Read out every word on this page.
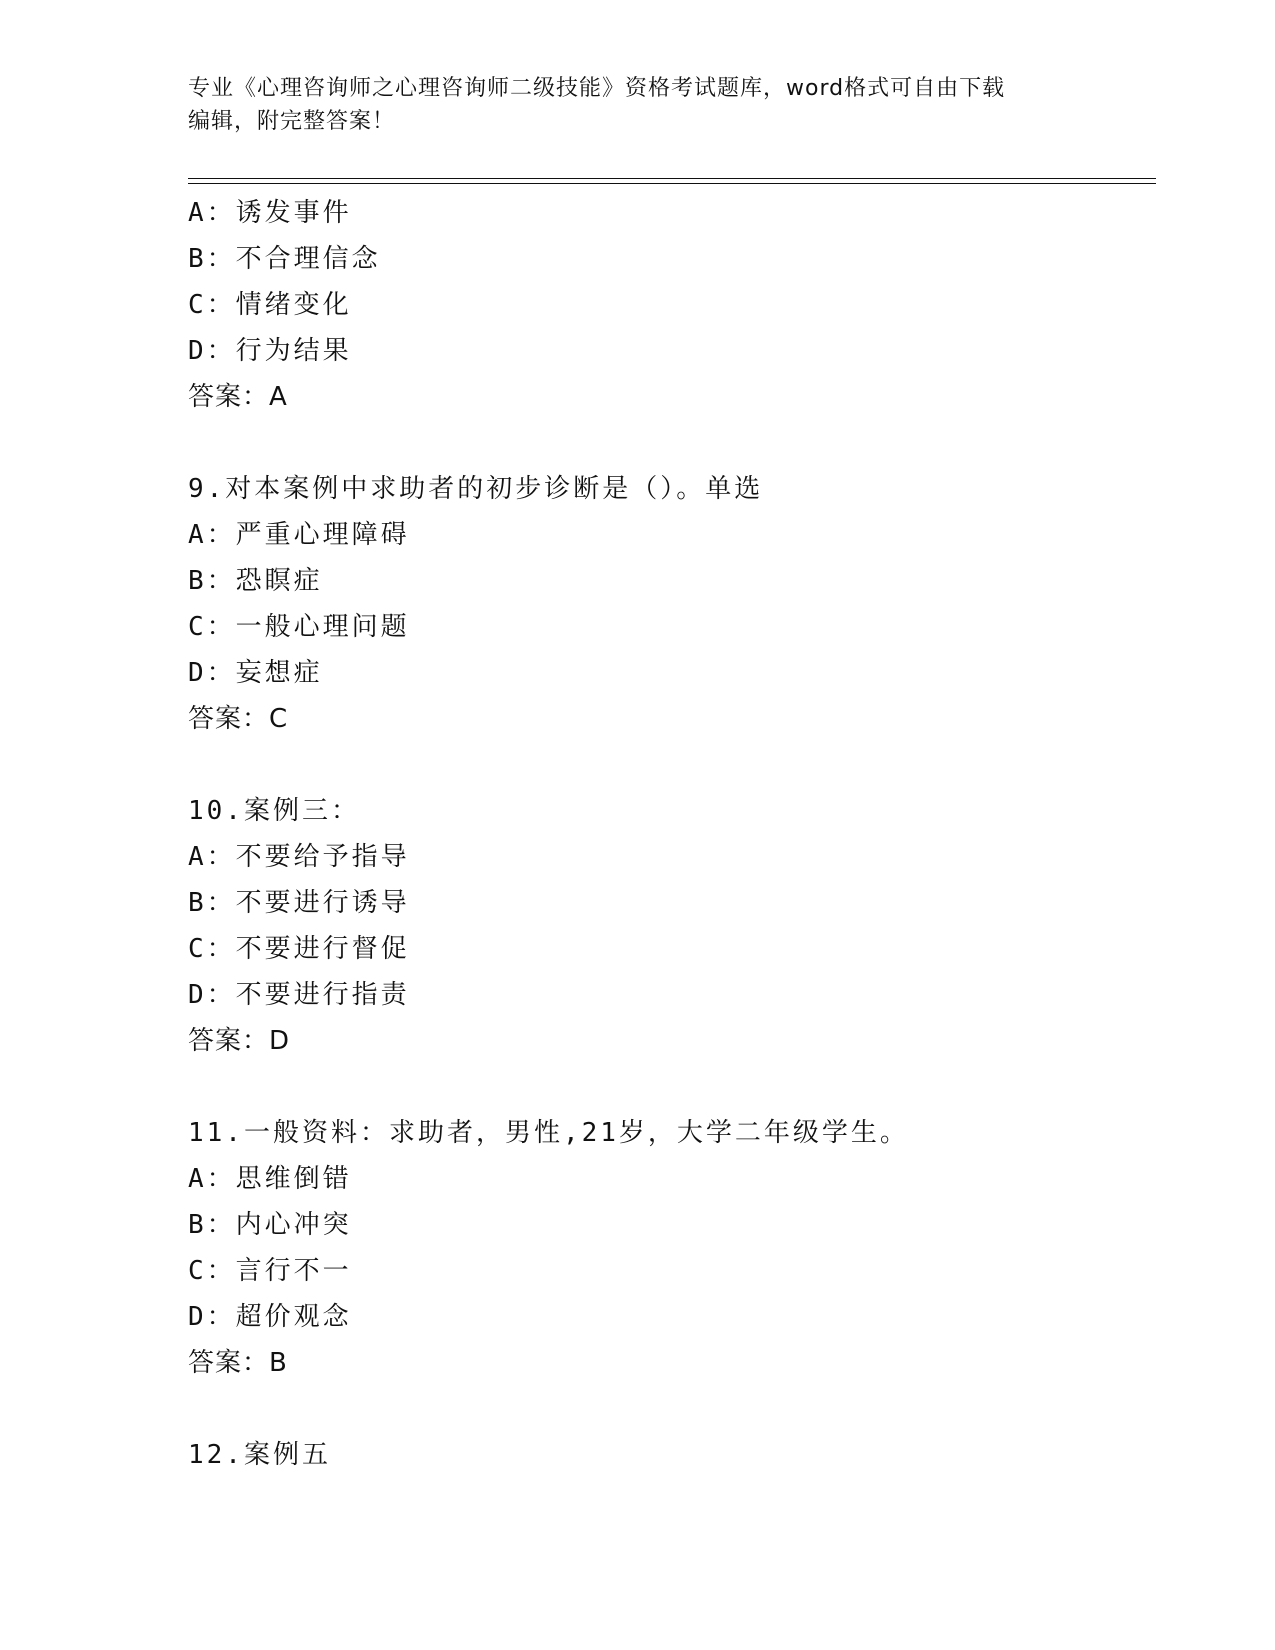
专业《心理咨询师之心理咨询师二级技能》资格考试题库，word格式可自由下载
编辑，附完整答案！
A：诱发事件
B：不合理信念
C：情绪变化
D：行为结果
答案：A
9.对本案例中求助者的初步诊断是（）。单选
A：严重心理障碍
B：恐瞑症
C：一般心理问题
D：妄想症
答案：C
10.案例三：
A：不要给予指导
B：不要进行诱导
C：不要进行督促
D：不要进行指责
答案：D
11.一般资料：求助者，男性,21岁，大学二年级学生。
A：思维倒错
B：内心冲突
C：言行不一
D：超价观念
答案：B
12.案例五
